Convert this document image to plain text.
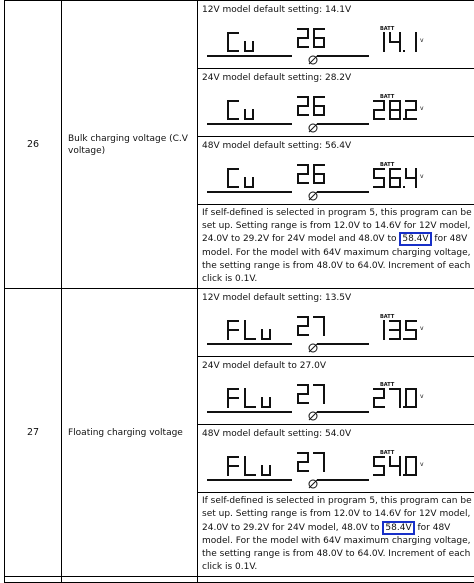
26	Bulk charging voltage (C.V voltage)	12V model default setting: 14.1V
BATT
v

		24V model default setting: 28.2V
BATT
v

		48V model default setting: 56.4V
BATT
v

		If self-defined is selected in program 5, this program can be set up. Setting range is from 12.0V to 14.6V for 12V model, 24.0V to 29.2V for 24V model and 48.0V to 58.4V for 48V model. For the model with 64V maximum charging voltage, the setting range is from 48.0V to 64.0V. Increment of each click is 0.1V.
27	Floating charging voltage	12V model default setting: 13.5V
BATT
v

		24V model default to 27.0V
BATT
v

		48V model default setting: 54.0V
BATT
v

		If self-defined is selected in program 5, this program can be set up. Setting range is from 12.0V to 14.6V for 12V model, 24.0V to 29.2V for 24V model, 48.0V to 58.4V for 48V model. For the model with 64V maximum charging voltage, the setting range is from 48.0V to 64.0V. Increment of each click is 0.1V.
